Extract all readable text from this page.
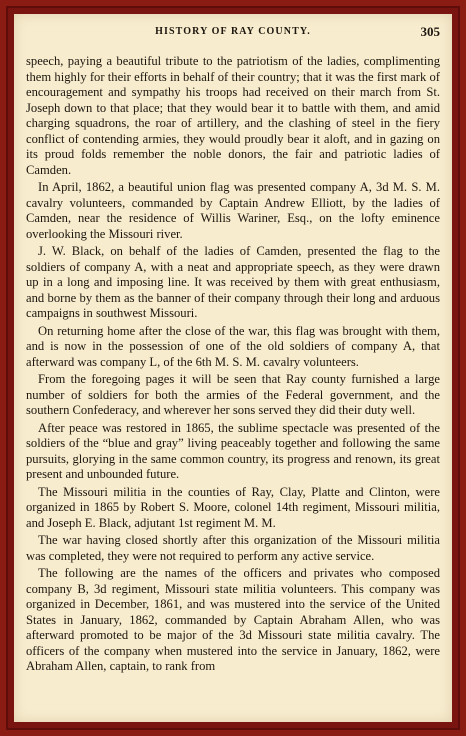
HISTORY OF RAY COUNTY.	305

speech, paying a beautiful tribute to the patriotism of the ladies, complimenting them highly for their efforts in behalf of their country; that it was the first mark of encouragement and sympathy his troops had received on their march from St. Joseph down to that place; that they would bear it to battle with them, and amid charging squadrons, the roar of artillery, and the clashing of steel in the fiery conflict of contending armies, they would proudly bear it aloft, and in gazing on its proud folds remember the noble donors, the fair and patriotic ladies of Camden.

In April, 1862, a beautiful union flag was presented company A, 3d M. S. M. cavalry volunteers, commanded by Captain Andrew Elliott, by the ladies of Camden, near the residence of Willis Wariner, Esq., on the lofty eminence overlooking the Missouri river.

J. W. Black, on behalf of the ladies of Camden, presented the flag to the soldiers of company A, with a neat and appropriate speech, as they were drawn up in a long and imposing line. It was received by them with great enthusiasm, and borne by them as the banner of their company through their long and arduous campaigns in southwest Missouri.

On returning home after the close of the war, this flag was brought with them, and is now in the possession of one of the old soldiers of company A, that afterward was company L, of the 6th M. S. M. cavalry volunteers.

From the foregoing pages it will be seen that Ray county furnished a large number of soldiers for both the armies of the Federal government, and the southern Confederacy, and wherever her sons served they did their duty well.

After peace was restored in 1865, the sublime spectacle was presented of the soldiers of the “blue and gray” living peaceably together and following the same pursuits, glorying in the same common country, its progress and renown, its great present and unbounded future.

The Missouri militia in the counties of Ray, Clay, Platte and Clinton, were organized in 1865 by Robert S. Moore, colonel 14th regiment, Missouri militia, and Joseph E. Black, adjutant 1st regiment M. M.

The war having closed shortly after this organization of the Missouri militia was completed, they were not required to perform any active service.

The following are the names of the officers and privates who composed company B, 3d regiment, Missouri state militia volunteers. This company was organized in December, 1861, and was mustered into the service of the United States in January, 1862, commanded by Captain Abraham Allen, who was afterward promoted to be major of the 3d Missouri state militia cavalry. The officers of the company when mustered into the service in January, 1862, were Abraham Allen, captain, to rank from
